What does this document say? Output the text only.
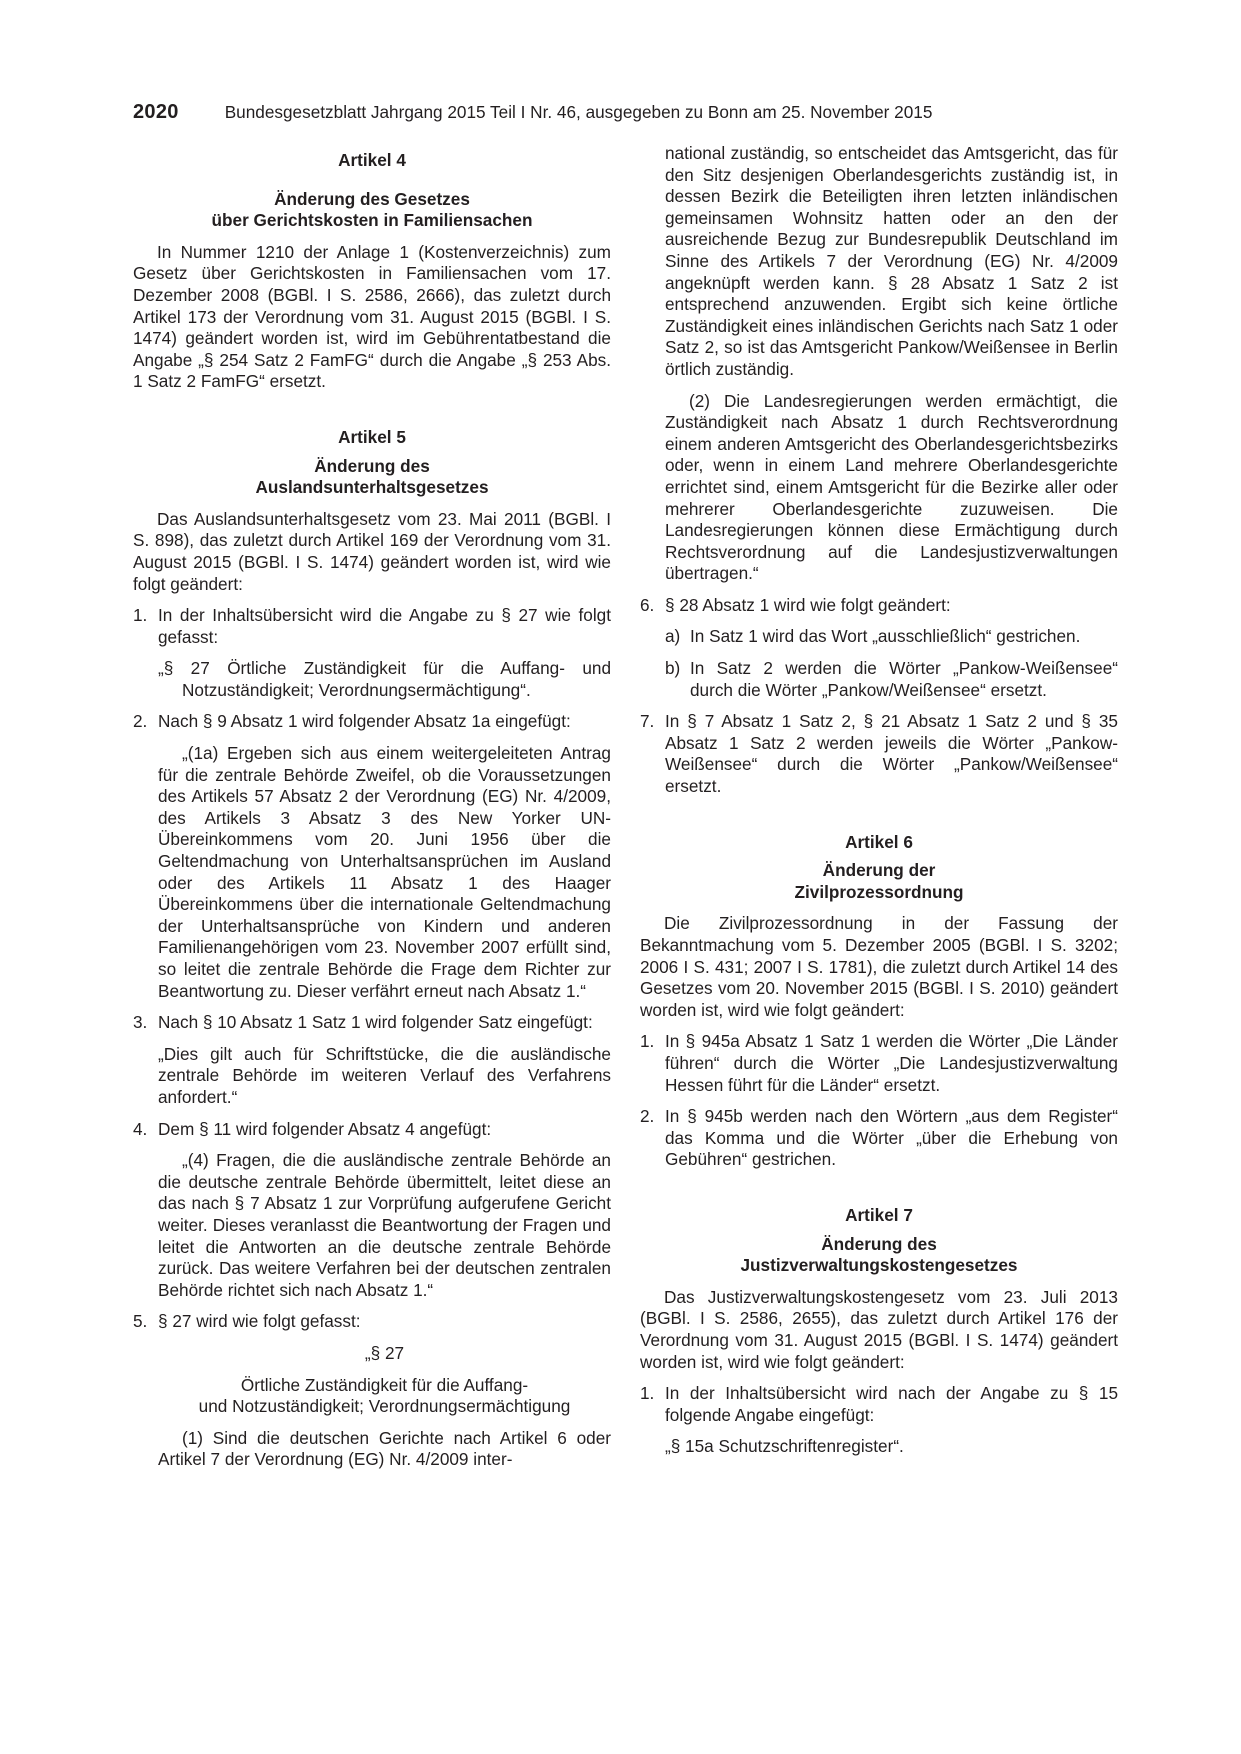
2020	Bundesgesetzblatt Jahrgang 2015 Teil I Nr. 46, ausgegeben zu Bonn am 25. November 2015

Artikel 4

Änderung des Gesetzes

über Gerichtskosten in Familiensachen

In Nummer 1210 der Anlage 1 (Kostenverzeichnis) zum Gesetz über Gerichtskosten in Familiensachen vom 17. Dezember 2008 (BGBl. I S. 2586, 2666), das zuletzt durch Artikel 173 der Verordnung vom 31. August 2015 (BGBl. I S. 1474) geändert worden ist, wird im Gebührentatbestand die Angabe „§ 254 Satz 2 FamFG“ durch die Angabe „§ 253 Abs. 1 Satz 2 FamFG“ ersetzt.

Artikel 5

Änderung des

Auslandsunterhaltsgesetzes

Das Auslandsunterhaltsgesetz vom 23. Mai 2011 (BGBl. I S. 898), das zuletzt durch Artikel 169 der Verordnung vom 31. August 2015 (BGBl. I S. 1474) geändert worden ist, wird wie folgt geändert:

1. In der Inhaltsübersicht wird die Angabe zu § 27 wie folgt gefasst:

„§ 27 Örtliche Zuständigkeit für die Auffang- und Notzuständigkeit; Verordnungsermächtigung“.

2. Nach § 9 Absatz 1 wird folgender Absatz 1a eingefügt:

„(1a) Ergeben sich aus einem weitergeleiteten Antrag für die zentrale Behörde Zweifel, ob die Voraussetzungen des Artikels 57 Absatz 2 der Verordnung (EG) Nr. 4/2009, des Artikels 3 Absatz 3 des New Yorker UN-Übereinkommens vom 20. Juni 1956 über die Geltendmachung von Unterhaltsansprüchen im Ausland oder des Artikels 11 Absatz 1 des Haager Übereinkommens über die internationale Geltendmachung der Unterhaltsansprüche von Kindern und anderen Familienangehörigen vom 23. November 2007 erfüllt sind, so leitet die zentrale Behörde die Frage dem Richter zur Beantwortung zu. Dieser verfährt erneut nach Absatz 1.“

3. Nach § 10 Absatz 1 Satz 1 wird folgender Satz eingefügt:

„Dies gilt auch für Schriftstücke, die die ausländische zentrale Behörde im weiteren Verlauf des Verfahrens anfordert.“

4. Dem § 11 wird folgender Absatz 4 angefügt:

„(4) Fragen, die die ausländische zentrale Behörde an die deutsche zentrale Behörde übermittelt, leitet diese an das nach § 7 Absatz 1 zur Vorprüfung aufgerufene Gericht weiter. Dieses veranlasst die Beantwortung der Fragen und leitet die Antworten an die deutsche zentrale Behörde zurück. Das weitere Verfahren bei der deutschen zentralen Behörde richtet sich nach Absatz 1.“

5. § 27 wird wie folgt gefasst:

„§ 27

Örtliche Zuständigkeit für die Auffang-

und Notzuständigkeit; Verordnungsermächtigung

(1) Sind die deutschen Gerichte nach Artikel 6 oder Artikel 7 der Verordnung (EG) Nr. 4/2009 inter-

national zuständig, so entscheidet das Amtsgericht, das für den Sitz desjenigen Oberlandesgerichts zuständig ist, in dessen Bezirk die Beteiligten ihren letzten inländischen gemeinsamen Wohnsitz hatten oder an den der ausreichende Bezug zur Bundesrepublik Deutschland im Sinne des Artikels 7 der Verordnung (EG) Nr. 4/2009 angeknüpft werden kann. § 28 Absatz 1 Satz 2 ist entsprechend anzuwenden. Ergibt sich keine örtliche Zuständigkeit eines inländischen Gerichts nach Satz 1 oder Satz 2, so ist das Amtsgericht Pankow/Weißensee in Berlin örtlich zuständig.

(2) Die Landesregierungen werden ermächtigt, die Zuständigkeit nach Absatz 1 durch Rechtsverordnung einem anderen Amtsgericht des Oberlandesgerichtsbezirks oder, wenn in einem Land mehrere Oberlandesgerichte errichtet sind, einem Amtsgericht für die Bezirke aller oder mehrerer Oberlandesgerichte zuzuweisen. Die Landesregierungen können diese Ermächtigung durch Rechtsverordnung auf die Landesjustizverwaltungen übertragen.“

6. § 28 Absatz 1 wird wie folgt geändert:
a) In Satz 1 wird das Wort „ausschließlich“ gestrichen.
b) In Satz 2 werden die Wörter „Pankow-Weißensee“ durch die Wörter „Pankow/Weißensee“ ersetzt.
7. In § 7 Absatz 1 Satz 2, § 21 Absatz 1 Satz 2 und § 35 Absatz 1 Satz 2 werden jeweils die Wörter „Pankow-Weißensee“ durch die Wörter „Pankow/Weißensee“ ersetzt.

Artikel 6

Änderung der

Zivilprozessordnung

Die Zivilprozessordnung in der Fassung der Bekanntmachung vom 5. Dezember 2005 (BGBl. I S. 3202; 2006 I S. 431; 2007 I S. 1781), die zuletzt durch Artikel 14 des Gesetzes vom 20. November 2015 (BGBl. I S. 2010) geändert worden ist, wird wie folgt geändert:

1. In § 945a Absatz 1 Satz 1 werden die Wörter „Die Länder führen“ durch die Wörter „Die Landesjustizverwaltung Hessen führt für die Länder“ ersetzt.
2. In § 945b werden nach den Wörtern „aus dem Register“ das Komma und die Wörter „über die Erhebung von Gebühren“ gestrichen.

Artikel 7

Änderung des

Justizverwaltungskostengesetzes

Das Justizverwaltungskostengesetz vom 23. Juli 2013 (BGBl. I S. 2586, 2655), das zuletzt durch Artikel 176 der Verordnung vom 31. August 2015 (BGBl. I S. 1474) geändert worden ist, wird wie folgt geändert:

1. In der Inhaltsübersicht wird nach der Angabe zu § 15 folgende Angabe eingefügt:

„§ 15a Schutzschriftenregister“.
